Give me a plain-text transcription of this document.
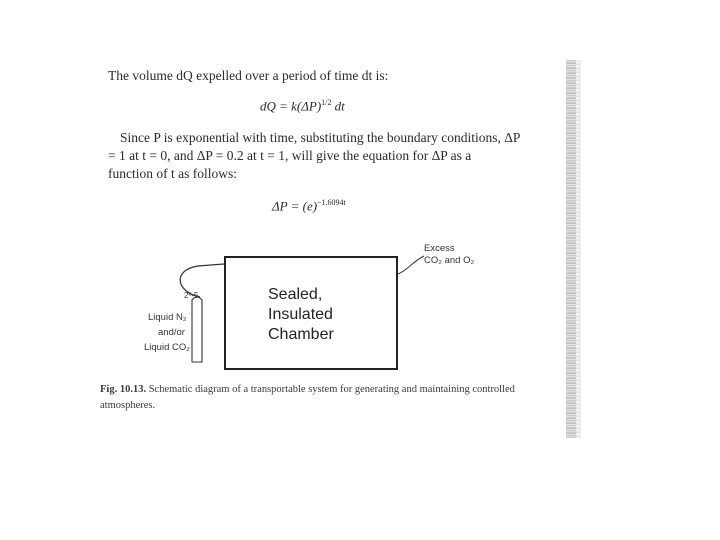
The volume dQ expelled over a period of time dt is:
dQ = $k(\Delta P)^{1/2}$ dt
Since P is exponential with time, substituting the boundary conditions, ΔP
= 1 at t = 0, and ΔP = 0.2 at t = 1, will give the equation for ΔP as a
function of t as follows:
$\Delta P = (e)^{-1.6094t}$
Sealed,
Insulated
Chamber
Excess
CO₂ and O₂
2º-5
Liquid N₂
and/or
Liquid CO₂
Fig. 10.13. Schematic diagram of a transportable system for generating and maintaining controlled
atmospheres.
